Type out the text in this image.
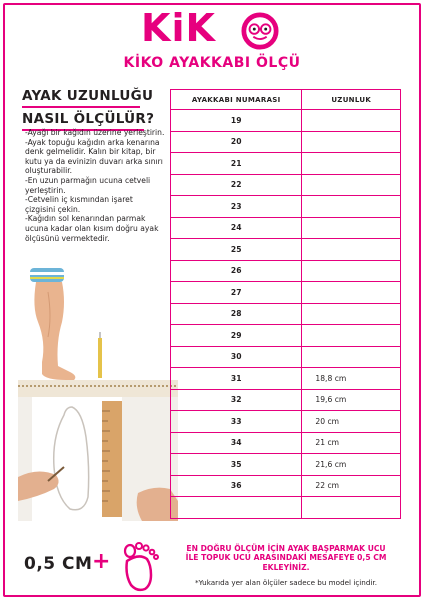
KiK
KİKO AYAKKABI ÖLÇÜ
AYAK UZUNLUĞU
NASIL ÖLÇÜLÜR?

-Ayağı bir kağıdın üzerine yerleştirin.

-Ayak topuğu kağıdın arka kenarına denk gelmelidir. Kalın bir kitap, bir kutu ya da evinizin duvarı arka sınırı oluşturabilir.

-En uzun parmağın ucuna cetveli yerleştirin.

-Cetvelin iç kısmından işaret çizgisini çekin.

-Kağıdın sol kenarından parmak ucuna kadar olan kısım doğru ayak ölçüsünü vermektedir.

AYAKKABI NUMARASI	UZUNLUK
19	
20	
21	
22	
23	
24	
25	
26	
27	
28	
29	
30	
31	18,8 cm
32	19,6 cm
33	20 cm
34	21 cm
35	21,6 cm
36	22 cm

0,5 CM +
EN DOĞRU ÖLÇÜM İÇİN AYAK BAŞPARMAK UCU
İLE TOPUK UCU ARASINDAKİ MESAFEYE 0,5 CM
EKLEYİNİZ.
*Yukarıda yer alan ölçüler sadece bu model içindir.
